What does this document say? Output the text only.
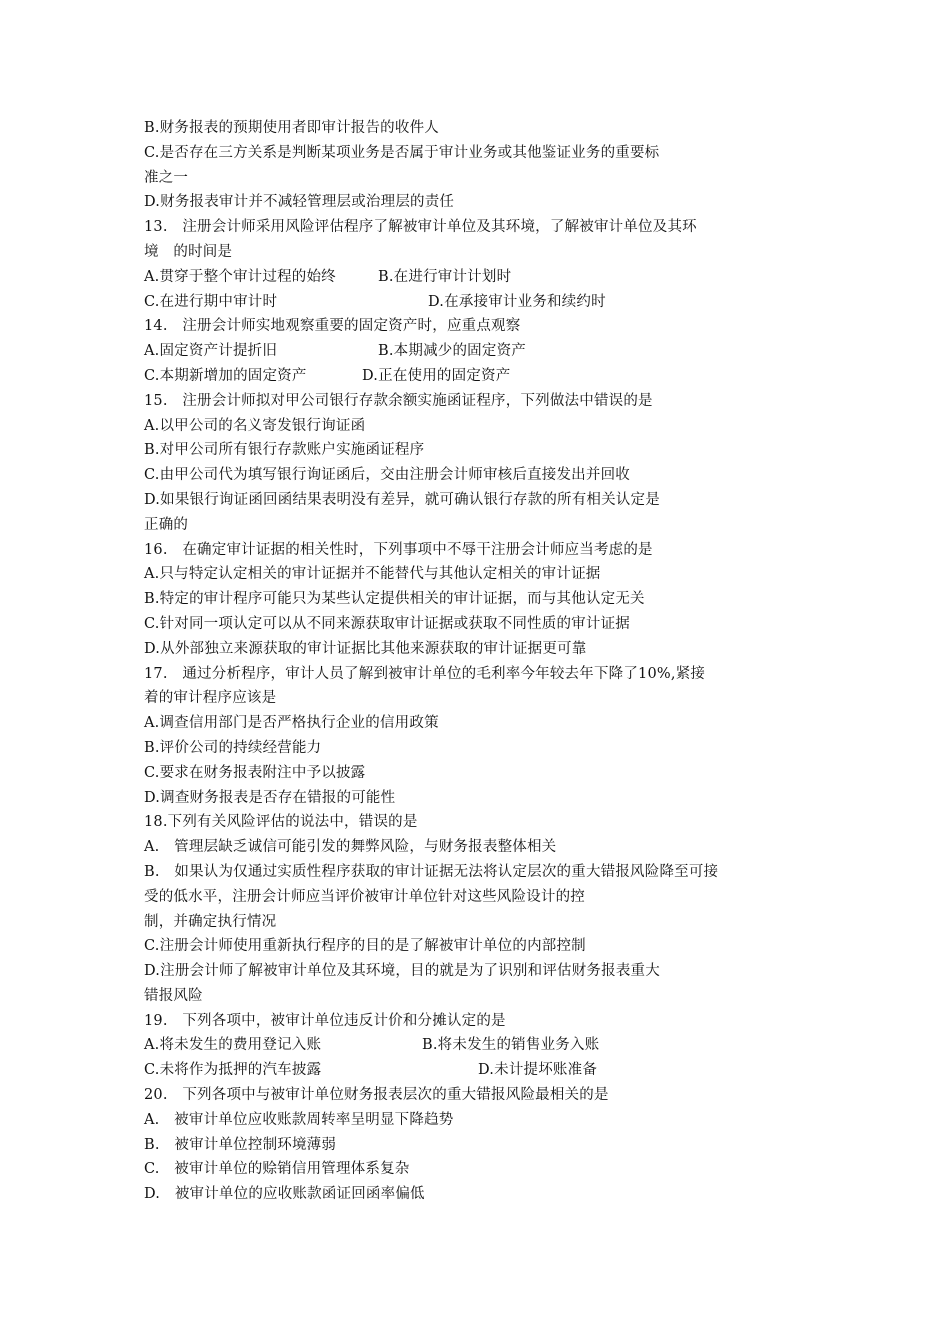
B.财务报表的预期使用者即审计报告的收件人
C.是否存在三方关系是判断某项业务是否属于审计业务或其他鉴证业务的重要标
准之一
D.财务报表审计并不减轻管理层或治理层的责任
13.　注册会计师采用风险评估程序了解被审计单位及其环境，了解被审计单位及其环
境　的时间是
A.贯穿于整个审计过程的始终	B.在进行审计计划时
C.在进行期中审计时	D.在承接审计业务和续约时
14.　注册会计师实地观察重要的固定资产时，应重点观察
A.固定资产计提折旧	B.本期减少的固定资产
C.本期新增加的固定资产	D.正在使用的固定资产
15.　注册会计师拟对甲公司银行存款余额实施函证程序，下列做法中错误的是
A.以甲公司的名义寄发银行询证函
B.对甲公司所有银行存款账户实施函证程序
C.由甲公司代为填写银行询证函后，交由注册会计师审核后直接发出并回收
D.如果银行询证函回函结果表明没有差异，就可确认银行存款的所有相关认定是
正确的
16.　在确定审计证据的相关性时，下列事项中不辱干注册会计师应当考虑的是
A.只与特定认定相关的审计证据并不能替代与其他认定相关的审计证据
B.特定的审计程序可能只为某些认定提供相关的审计证据，而与其他认定无关
C.针对同一项认定可以从不同来源获取审计证据或获取不同性质的审计证据
D.从外部独立来源获取的审计证据比其他来源获取的审计证据更可靠
17.　通过分析程序，审计人员了解到被审计单位的毛利率今年较去年下降了10%,紧接
着的审计程序应该是
A.调查信用部门是否严格执行企业的信用政策
B.评价公司的持续经营能力
C.要求在财务报表附注中予以披露
D.调查财务报表是否存在错报的可能性
18.下列有关风险评估的说法中，错误的是
A.　管理层缺乏诚信可能引发的舞弊风险，与财务报表整体相关
B.　如果认为仅通过实质性程序获取的审计证据无法将认定层次的重大错报风险降至可接
受的低水平，注册会计师应当评价被审计单位针对这些风险设计的控
制，并确定执行情况
C.注册会计师使用重新执行程序的目的是了解被审计单位的内部控制
D.注册会计师了解被审计单位及其环境，目的就是为了识别和评估财务报表重大
错报风险
19.　下列各项中，被审计单位违反计价和分摊认定的是
A.将未发生的费用登记入账	B.将未发生的销售业务入账
C.未将作为抵押的汽车披露	D.未计提坏账准备
20.　下列各项中与被审计单位财务报表层次的重大错报风险最相关的是
A.　被审计单位应收账款周转率呈明显下降趋势
B.　被审计单位控制环境薄弱
C.　被审计单位的赊销信用管理体系复杂
D.　被审计单位的应收账款函证回函率偏低
